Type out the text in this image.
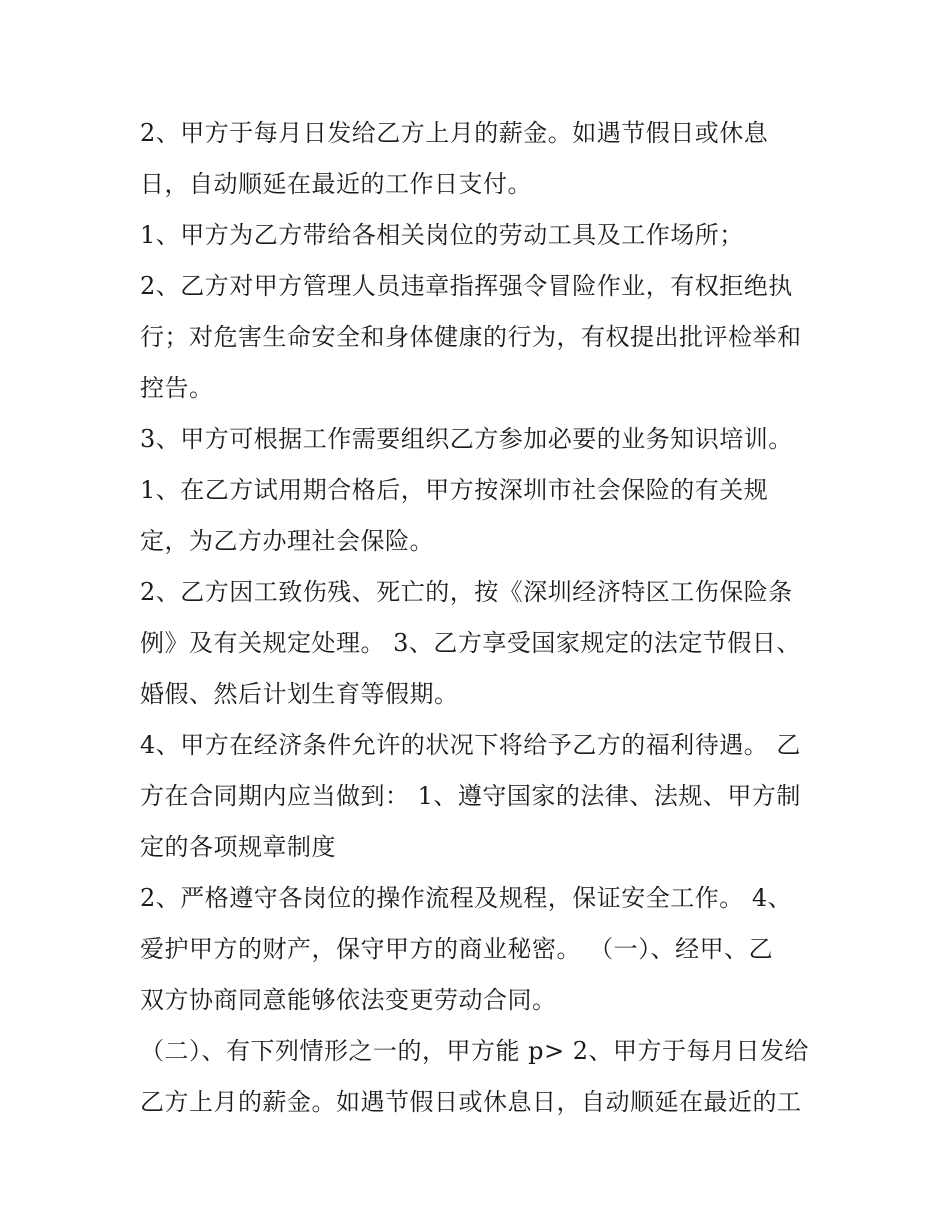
2、甲方于每月日发给乙方上月的薪金。如遇节假日或休息
日，自动顺延在最近的工作日支付。
1、甲方为乙方带给各相关岗位的劳动工具及工作场所；
2、乙方对甲方管理人员违章指挥强令冒险作业，有权拒绝执
行；对危害生命安全和身体健康的行为，有权提出批评检举和
控告。
3、甲方可根据工作需要组织乙方参加必要的业务知识培训。
1、在乙方试用期合格后，甲方按深圳市社会保险的有关规
定，为乙方办理社会保险。
2、乙方因工致伤残、死亡的，按《深圳经济特区工伤保险条
例》及有关规定处理。 3、乙方享受国家规定的法定节假日、
婚假、然后计划生育等假期。
4、甲方在经济条件允许的状况下将给予乙方的福利待遇。 乙
方在合同期内应当做到： 1、遵守国家的法律、法规、甲方制
定的各项规章制度
2、严格遵守各岗位的操作流程及规程，保证安全工作。 4、
爱护甲方的财产，保守甲方的商业秘密。 （一）、经甲、乙
双方协商同意能够依法变更劳动合同。
（二）、有下列情形之一的，甲方能 p> 2、甲方于每月日发给
乙方上月的薪金。如遇节假日或休息日，自动顺延在最近的工
